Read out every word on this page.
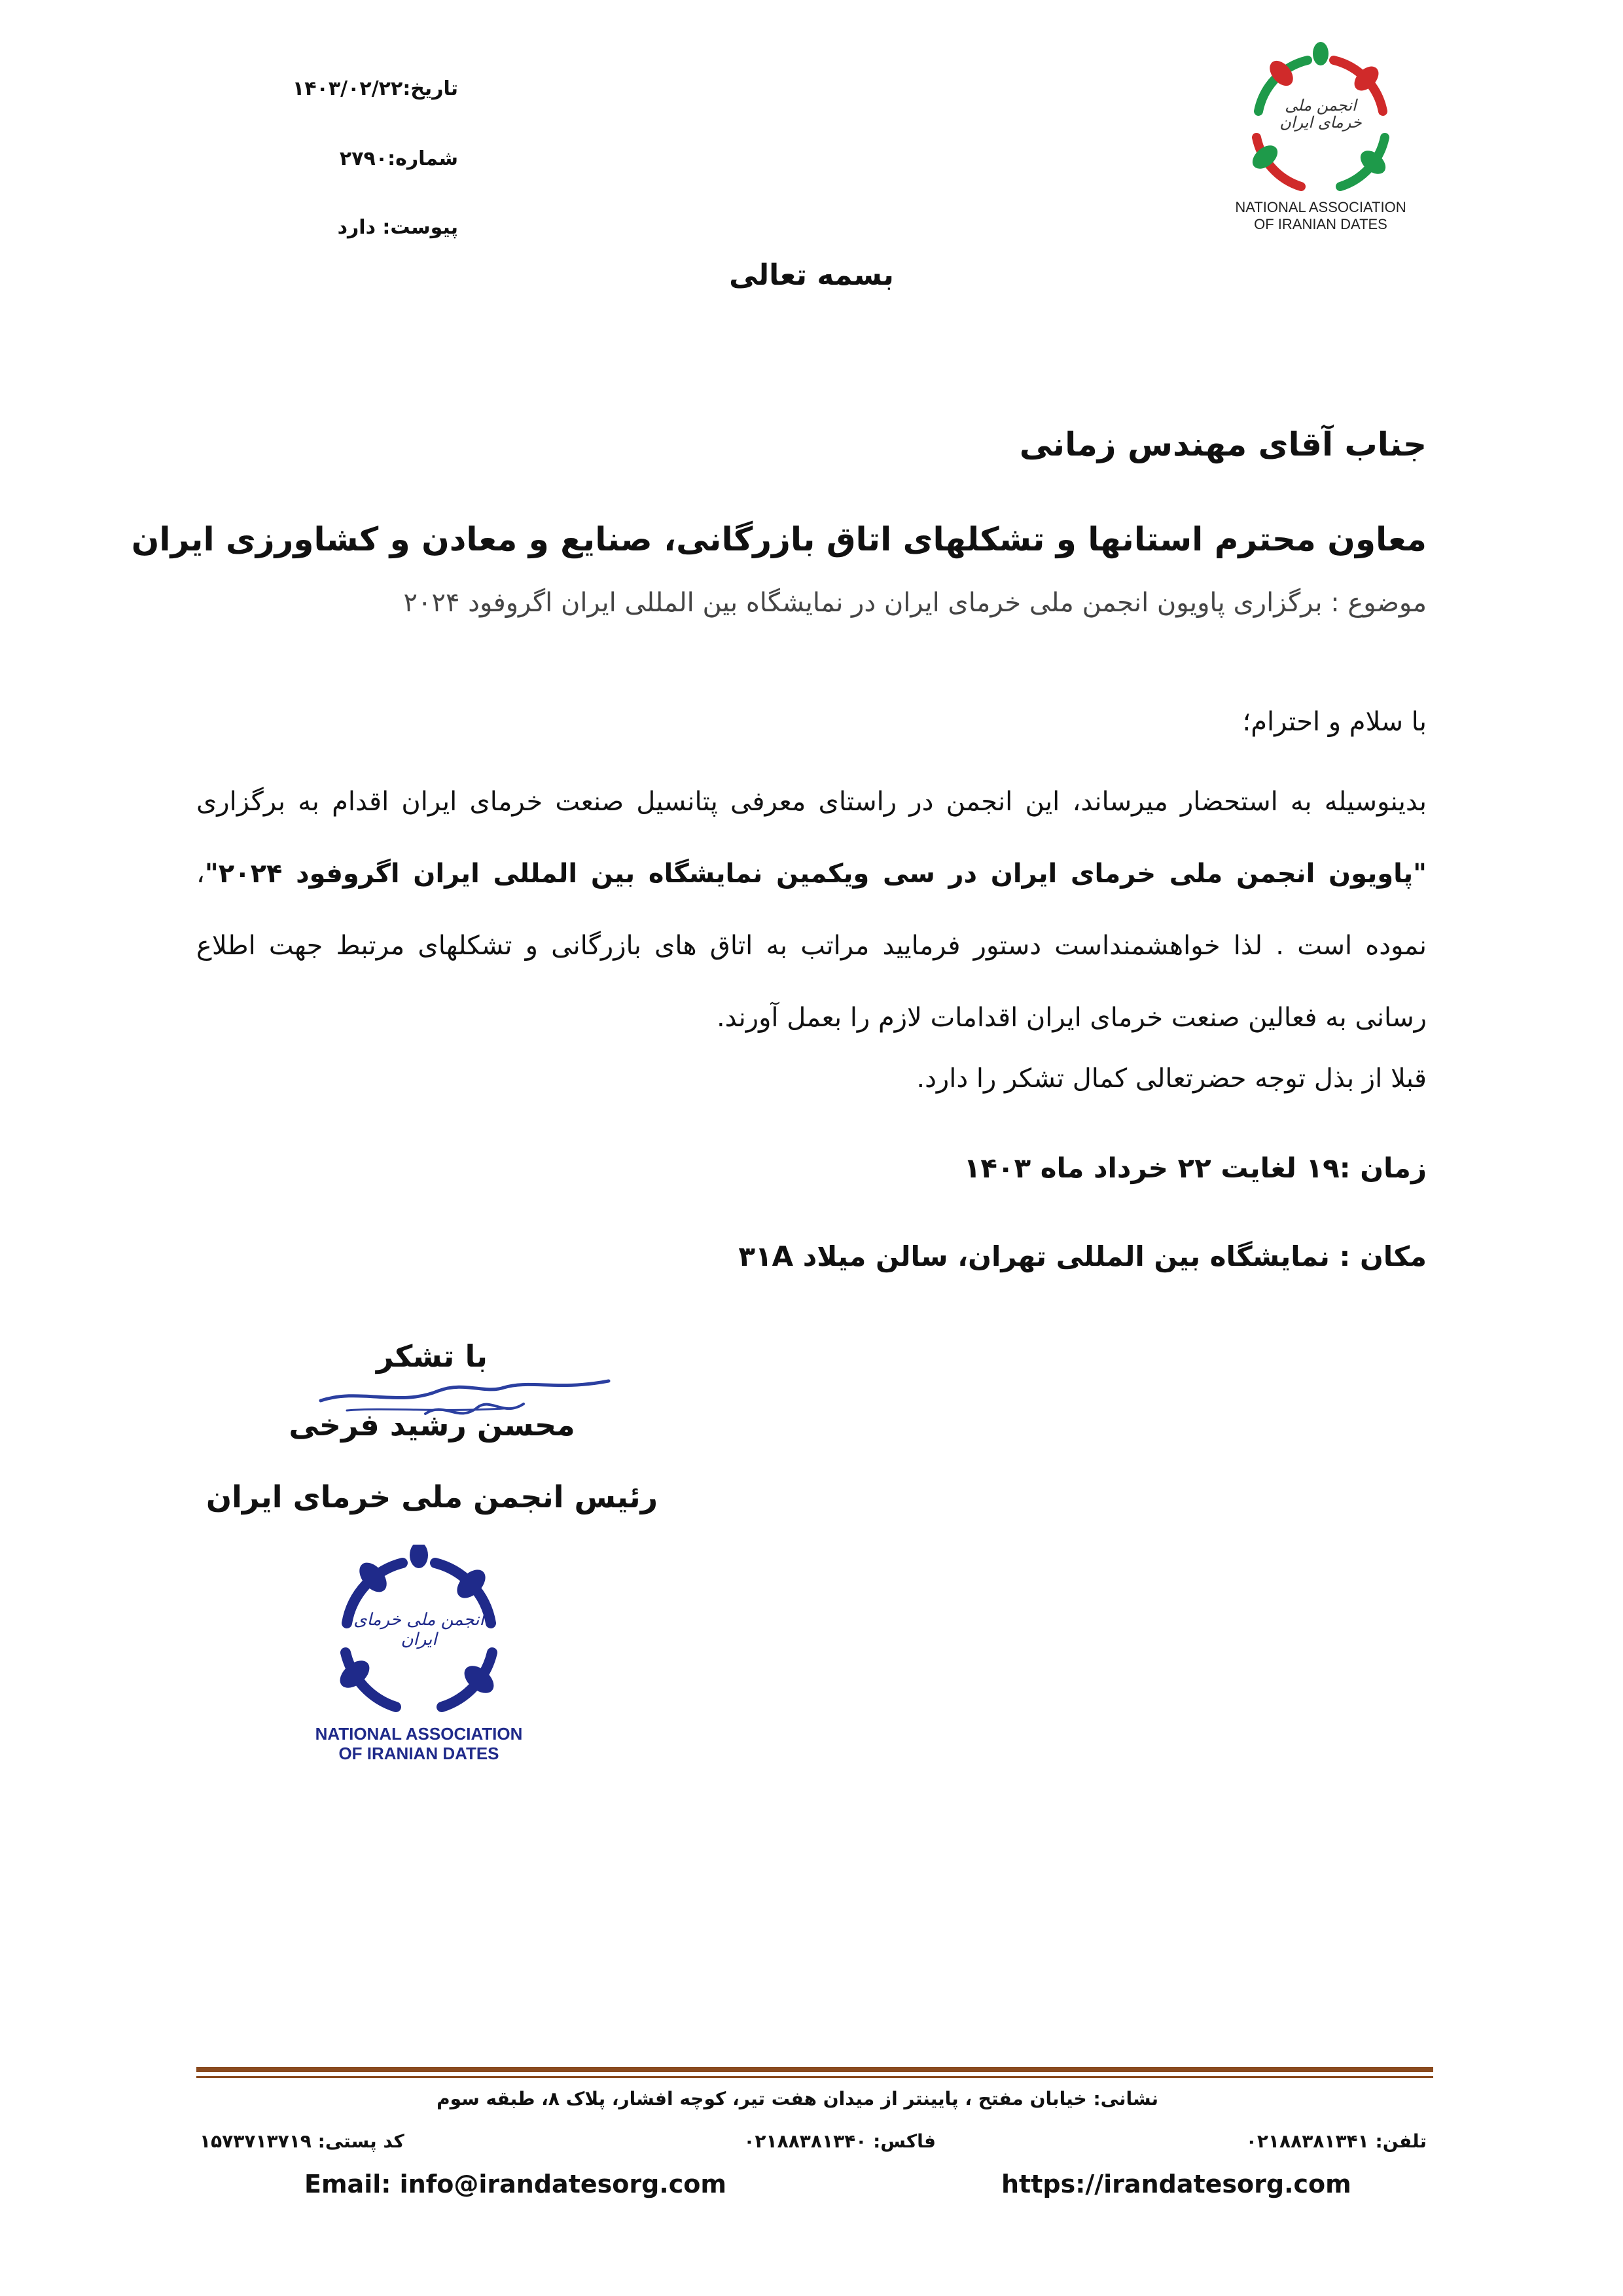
تاریخ:۱۴۰۳/۰۲/۲۲
شماره:۲۷۹۰
پیوست: دارد
انجمن ملی خرمای ایران
NATIONAL ASSOCIATION
OF IRANIAN DATES
بسمه تعالی
جناب آقای مهندس زمانی
معاون محترم استانها و تشکلهای اتاق بازرگانی، صنایع و معادن و کشاورزی ایران
موضوع : برگزاری پاویون انجمن ملی خرمای ایران در نمایشگاه بین المللی ایران اگروفود ۲۰۲۴
با سلام و احترام؛
بدینوسیله به استحضار میرساند، این انجمن در راستای معرفی پتانسیل صنعت خرمای ایران اقدام به برگزاری "پاویون انجمن ملی خرمای ایران در سی ویکمین نمایشگاه بین المللی ایران اگروفود ۲۰۲۴"، نموده است . لذا خواهشمنداست دستور فرمایید مراتب به اتاق های بازرگانی و تشکلهای مرتبط جهت اطلاع رسانی به فعالین صنعت خرمای ایران اقدامات لازم را بعمل آورند.
قبلا از بذل توجه حضرتعالی کمال تشکر را دارد.
زمان :۱۹ لغایت ۲۲ خرداد ماه ۱۴۰۳
مکان : نمایشگاه بین المللی تهران، سالن میلاد ۳۱A
با تشکر
محسن رشید فرخی
رئیس انجمن ملی خرمای ایران
انجمن ملی خرمای ایران
NATIONAL ASSOCIATION
OF IRANIAN DATES
نشانی: خیابان مفتح ، پایینتر از میدان هفت تیر، کوچه افشار، پلاک ۸، طبقه سوم
تلفن: ۰۲۱۸۸۳۸۱۳۴۱
فاکس: ۰۲۱۸۸۳۸۱۳۴۰
کد پستی: ۱۵۷۳۷۱۳۷۱۹
Email: info@irandatesorg.com	https://irandatesorg.com
